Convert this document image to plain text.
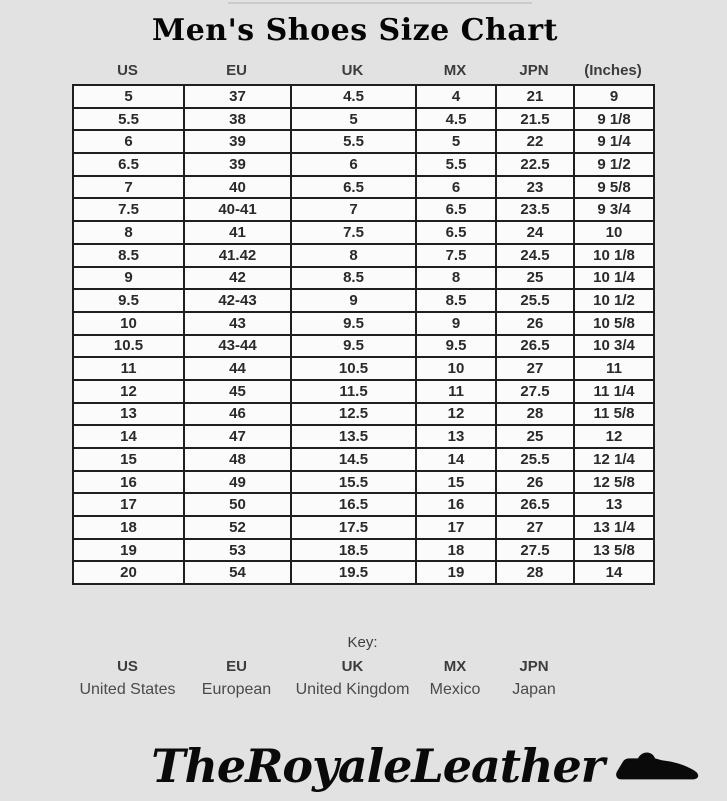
Men's Shoes Size Chart
US	EU	UK	MX	JPN	(Inches)
5	37	4.5	4	21	9
5.5	38	5	4.5	21.5	9 1/8
6	39	5.5	5	22	9 1/4
6.5	39	6	5.5	22.5	9 1/2
7	40	6.5	6	23	9 5/8
7.5	40-41	7	6.5	23.5	9 3/4
8	41	7.5	6.5	24	10
8.5	41.42	8	7.5	24.5	10 1/8
9	42	8.5	8	25	10 1/4
9.5	42-43	9	8.5	25.5	10 1/2
10	43	9.5	9	26	10 5/8
10.5	43-44	9.5	9.5	26.5	10 3/4
11	44	10.5	10	27	11
12	45	11.5	11	27.5	11 1/4
13	46	12.5	12	28	11 5/8
14	47	13.5	13	25	12
15	48	14.5	14	25.5	12 1/4
16	49	15.5	15	26	12 5/8
17	50	16.5	16	26.5	13
18	52	17.5	17	27	13 1/4
19	53	18.5	18	27.5	13 5/8
20	54	19.5	19	28	14
Key:
US	EU	UK	MX	JPN
United States	European	United Kingdom	Mexico	Japan
TheRoyaleLeather
